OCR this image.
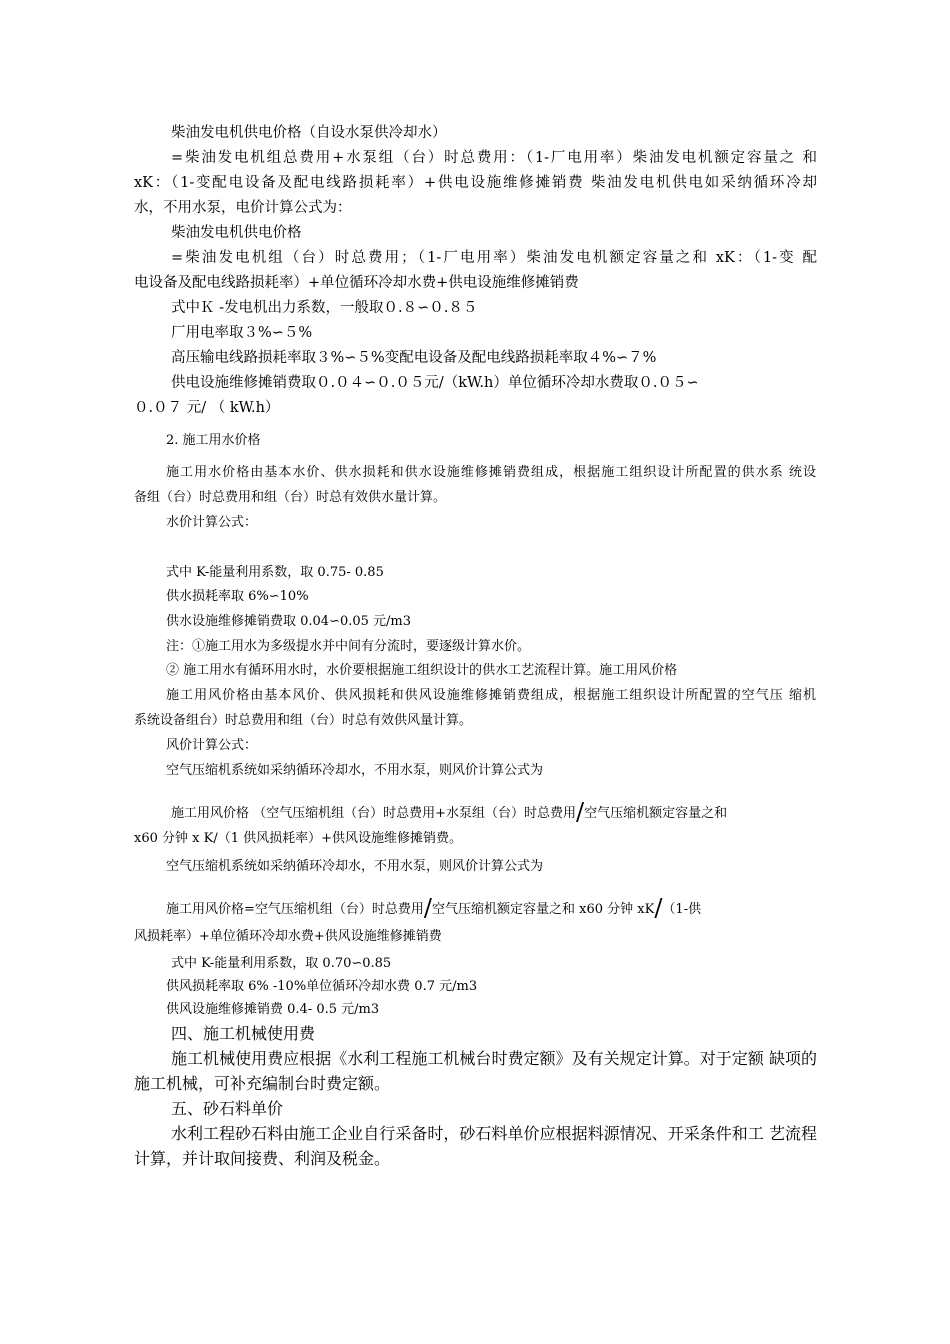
柴油发电机供电价格（自设水泵供冷却水）
=柴油发电机组总费用+水泵组（台）时总费用：（1-厂电用率）柴油发电机额定容量之 和
xK：（1-变配电设备及配电线路损耗率）+供电设施维修摊销费 柴油发电机供电如采纳循环冷却
水，不用水泵，电价计算公式为：
柴油发电机供电价格
=柴油发电机组（台）时总费用；（1-厂电用率）柴油发电机额定容量之和 xK：（1-变 配
电设备及配电线路损耗率）+单位循环冷却水费+供电设施维修摊销费
式中Ｋ -发电机出力系数，一般取０.８∽０.８５
厂用电率取３%∽５%
高压输电线路损耗率取３%∽５%变配电设备及配电线路损耗率取４%∽７%
供电设施维修摊销费取０.０４∽０.０５元/（kW.h）单位循环冷却水费取０.０５∽
０.０７ 元/ （ kW.h）
2. 施工用水价格
施工用水价格由基本水价、供水损耗和供水设施维修摊销费组成，根据施工组织设计所配置的供水系 统设
备组（台）时总费用和组（台）时总有效供水量计算。
水价计算公式：
式中 K-能量利用系数，取 0.75- 0.85
供水损耗率取 6%∽10%
供水设施维修摊销费取 0.04∽0.05 元/m3
注：①施工用水为多级提水并中间有分流时，要逐级计算水价。
② 施工用水有循环用水时，水价要根据施工组织设计的供水工艺流程计算。施工用风价格
施工用风价格由基本风价、供风损耗和供风设施维修摊销费组成，根据施工组织设计所配置的空气压 缩机
系统设备组台）时总费用和组（台）时总有效供风量计算。
风价计算公式：
空气压缩机系统如采纳循环冷却水，不用水泵，则风价计算公式为
施工用风价格 （空气压缩机组（台）时总费用+水泵组（台）时总费用/空气压缩机额定容量之和
x60 分钟 x K/（1 供风损耗率）+供风设施维修摊销费。
空气压缩机系统如采纳循环冷却水，不用水泵，则风价计算公式为
施工用风价格=空气压缩机组（台）时总费用/空气压缩机额定容量之和 x60 分钟 xK/（1-供
风损耗率）+单位循环冷却水费+供风设施维修摊销费
式中 K-能量利用系数，取 0.70∽0.85
供风损耗率取 6% -10%单位循环冷却水费 0.7 元/m3
供风设施维修摊销费 0.4- 0.5 元/m3
四、施工机械使用费
施工机械使用费应根据《水利工程施工机械台时费定额》及有关规定计算。对于定额 缺项的
施工机械，可补充编制台时费定额。
五、砂石料单价
水利工程砂石料由施工企业自行采备时，砂石料单价应根据料源情况、开采条件和工 艺流程
计算，并计取间接费、利润及税金。
